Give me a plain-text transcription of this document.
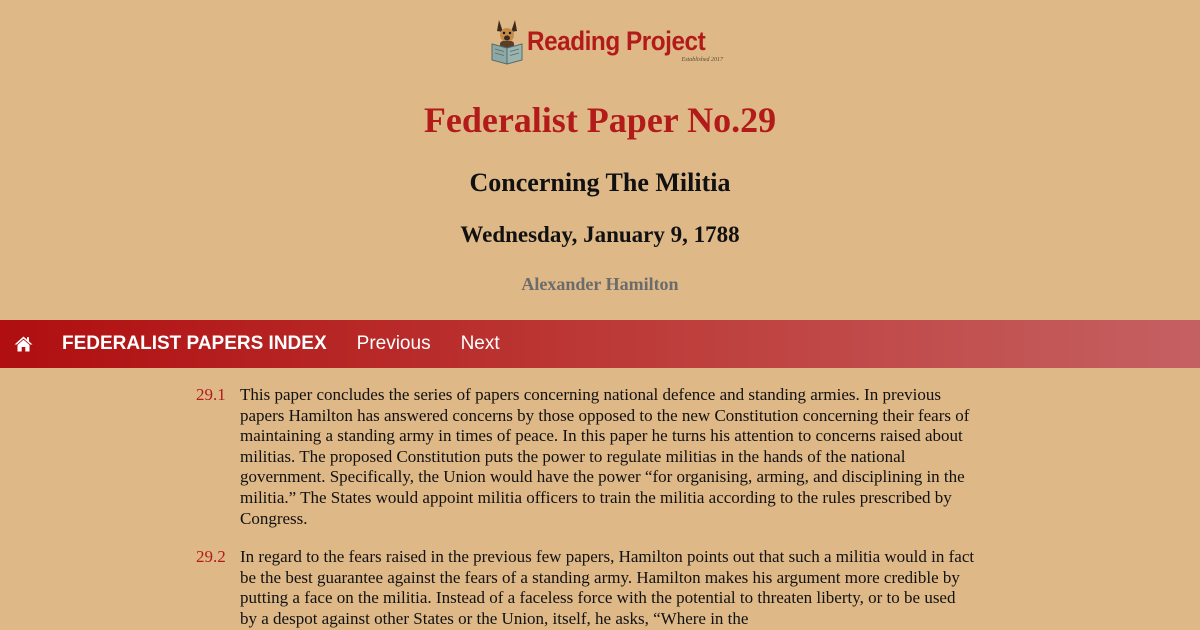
Reading Project
Established 2017
Federalist Paper No.29
Concerning The Militia
Wednesday, January 9, 1788
Alexander Hamilton
FEDERALIST PAPERS INDEX Previous Next
29.1 This paper concludes the series of papers concerning national defence and standing armies. In previous papers Hamilton has answered concerns by those opposed to the new Constitution concerning their fears of maintaining a standing army in times of peace. In this paper he turns his attention to concerns raised about militias. The proposed Constitution puts the power to regulate militias in the hands of the national government. Specifically, the Union would have the power “for organising, arming, and disciplining in the militia.” The States would appoint militia officers to train the militia according to the rules prescribed by Congress.

29.2 In regard to the fears raised in the previous few papers, Hamilton points out that such a militia would in fact be the best guarantee against the fears of a standing army. Hamilton makes his argument more credible by putting a face on the militia. Instead of a faceless force with the potential to threaten liberty, or to be used by a despot against other States or the Union, itself, he asks, “Where in the
